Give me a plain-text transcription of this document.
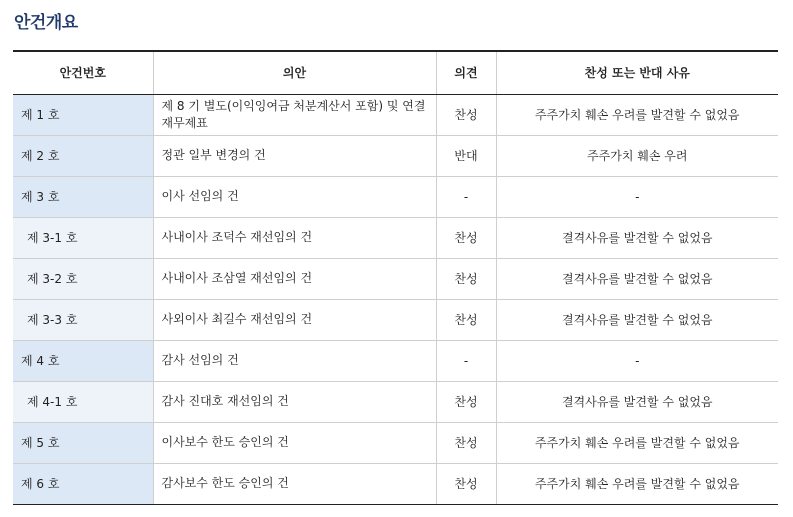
안건개요
안건번호	의안	의견	찬성 또는 반대 사유
제 1 호	제 8 기 별도(이익잉여금 처분계산서 포함) 및 연결재무제표	찬성	주주가치 훼손 우려를 발견할 수 없었음
제 2 호	정관 일부 변경의 건	반대	주주가치 훼손 우려
제 3 호	이사 선임의 건	-	-
제 3-1 호	사내이사 조덕수 재선임의 건	찬성	결격사유를 발견할 수 없었음
제 3-2 호	사내이사 조삼열 재선임의 건	찬성	결격사유를 발견할 수 없었음
제 3-3 호	사외이사 최길수 재선임의 건	찬성	결격사유를 발견할 수 없었음
제 4 호	감사 선임의 건	-	-
제 4-1 호	감사 진대호 재선임의 건	찬성	결격사유를 발견할 수 없었음
제 5 호	이사보수 한도 승인의 건	찬성	주주가치 훼손 우려를 발견할 수 없었음
제 6 호	감사보수 한도 승인의 건	찬성	주주가치 훼손 우려를 발견할 수 없었음
